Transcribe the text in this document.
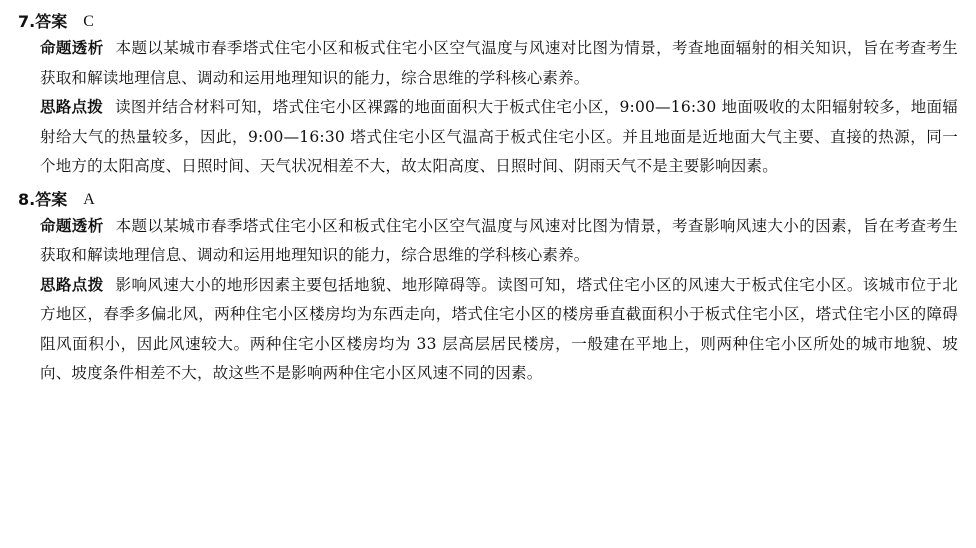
7. 答案 C

命题透析 本题以某城市春季塔式住宅小区和板式住宅小区空气温度与风速对比图为情景，考查地面辐射的相关知识，旨在考查考生获取和解读地理信息、调动和运用地理知识的能力，综合思维的学科核心素养。

思路点拨 读图并结合材料可知，塔式住宅小区裸露的地面面积大于板式住宅小区，9:00—16:30 地面吸收的太阳辐射较多，地面辐射给大气的热量较多，因此，9:00—16:30 塔式住宅小区气温高于板式住宅小区。并且地面是近地面大气主要、直接的热源，同一个地方的太阳高度、日照时间、天气状况相差不大，故太阳高度、日照时间、阴雨天气不是主要影响因素。

8. 答案 A

命题透析 本题以某城市春季塔式住宅小区和板式住宅小区空气温度与风速对比图为情景，考查影响风速大小的因素，旨在考查考生获取和解读地理信息、调动和运用地理知识的能力，综合思维的学科核心素养。

思路点拨 影响风速大小的地形因素主要包括地貌、地形障碍等。读图可知，塔式住宅小区的风速大于板式住宅小区。该城市位于北方地区，春季多偏北风，两种住宅小区楼房均为东西走向，塔式住宅小区的楼房垂直截面积小于板式住宅小区，塔式住宅小区的障碍阻风面积小，因此风速较大。两种住宅小区楼房均为 33 层高层居民楼房，一般建在平地上，则两种住宅小区所处的城市地貌、坡向、坡度条件相差不大，故这些不是影响两种住宅小区风速不同的因素。
